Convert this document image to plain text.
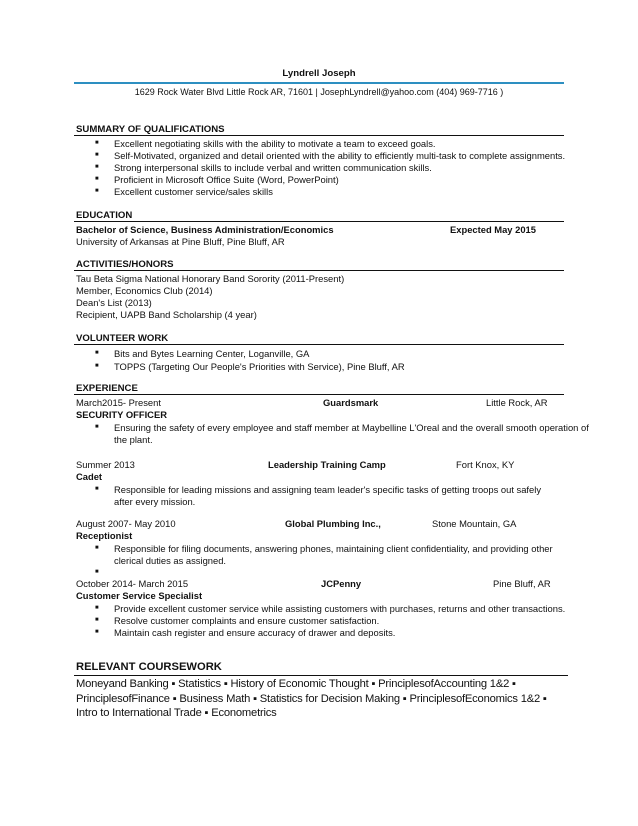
Lyndrell Joseph
1629 Rock Water Blvd Little Rock AR, 71601 | JosephLyndrell@yahoo.com (404) 969-7716 )
SUMMARY OF QUALIFICATIONS
■ Excellent negotiating skills with the ability to motivate a team to exceed goals.
■ Self-Motivated, organized and detail oriented with the ability to efficiently multi-task to complete assignments.
■ Strong interpersonal skills to include verbal and written communication skills.
■ Proficient in Microsoft Office Suite (Word, PowerPoint)
■ Excellent customer service/sales skills
EDUCATION
Bachelor of Science, Business Administration/Economics	Expected May 2015
University of Arkansas at Pine Bluff, Pine Bluff, AR
ACTIVITIES/HONORS
Tau Beta Sigma National Honorary Band Sorority (2011-Present)
Member, Economics Club (2014)
Dean's List (2013)
Recipient, UAPB Band Scholarship (4 year)
VOLUNTEER WORK
■ Bits and Bytes Learning Center, Loganville, GA
■ TOPPS (Targeting Our People's Priorities with Service), Pine Bluff, AR
EXPERIENCE
March2015- Present	Guardsmark	Little Rock, AR
SECURITY OFFICER
■ Ensuring the safety of every employee and staff member at Maybelline L'Oreal and the overall smooth operation of the plant.
Summer 2013	Leadership Training Camp	Fort Knox, KY
Cadet
■ Responsible for leading missions and assigning team leader's specific tasks of getting troops out safely after every mission.
August 2007- May 2010	Global Plumbing Inc.,	Stone Mountain, GA
Receptionist
■ Responsible for filing documents, answering phones, maintaining client confidentiality, and providing other clerical duties as assigned.
■
October 2014- March 2015	JCPenny	Pine Bluff, AR
Customer Service Specialist
■ Provide excellent customer service while assisting customers with purchases, returns and other transactions.
■ Resolve customer complaints and ensure customer satisfaction.
■ Maintain cash register and ensure accuracy of drawer and deposits.
RELEVANT COURSEWORK
Moneyand Banking ▪ Statistics ▪ History of Economic Thought ▪ PrinciplesofAccounting 1&2 ▪ PrinciplesofFinance ▪ Business Math ▪ Statistics for Decision Making ▪ PrinciplesofEconomics 1&2 ▪ Intro to International Trade ▪ Econometrics
